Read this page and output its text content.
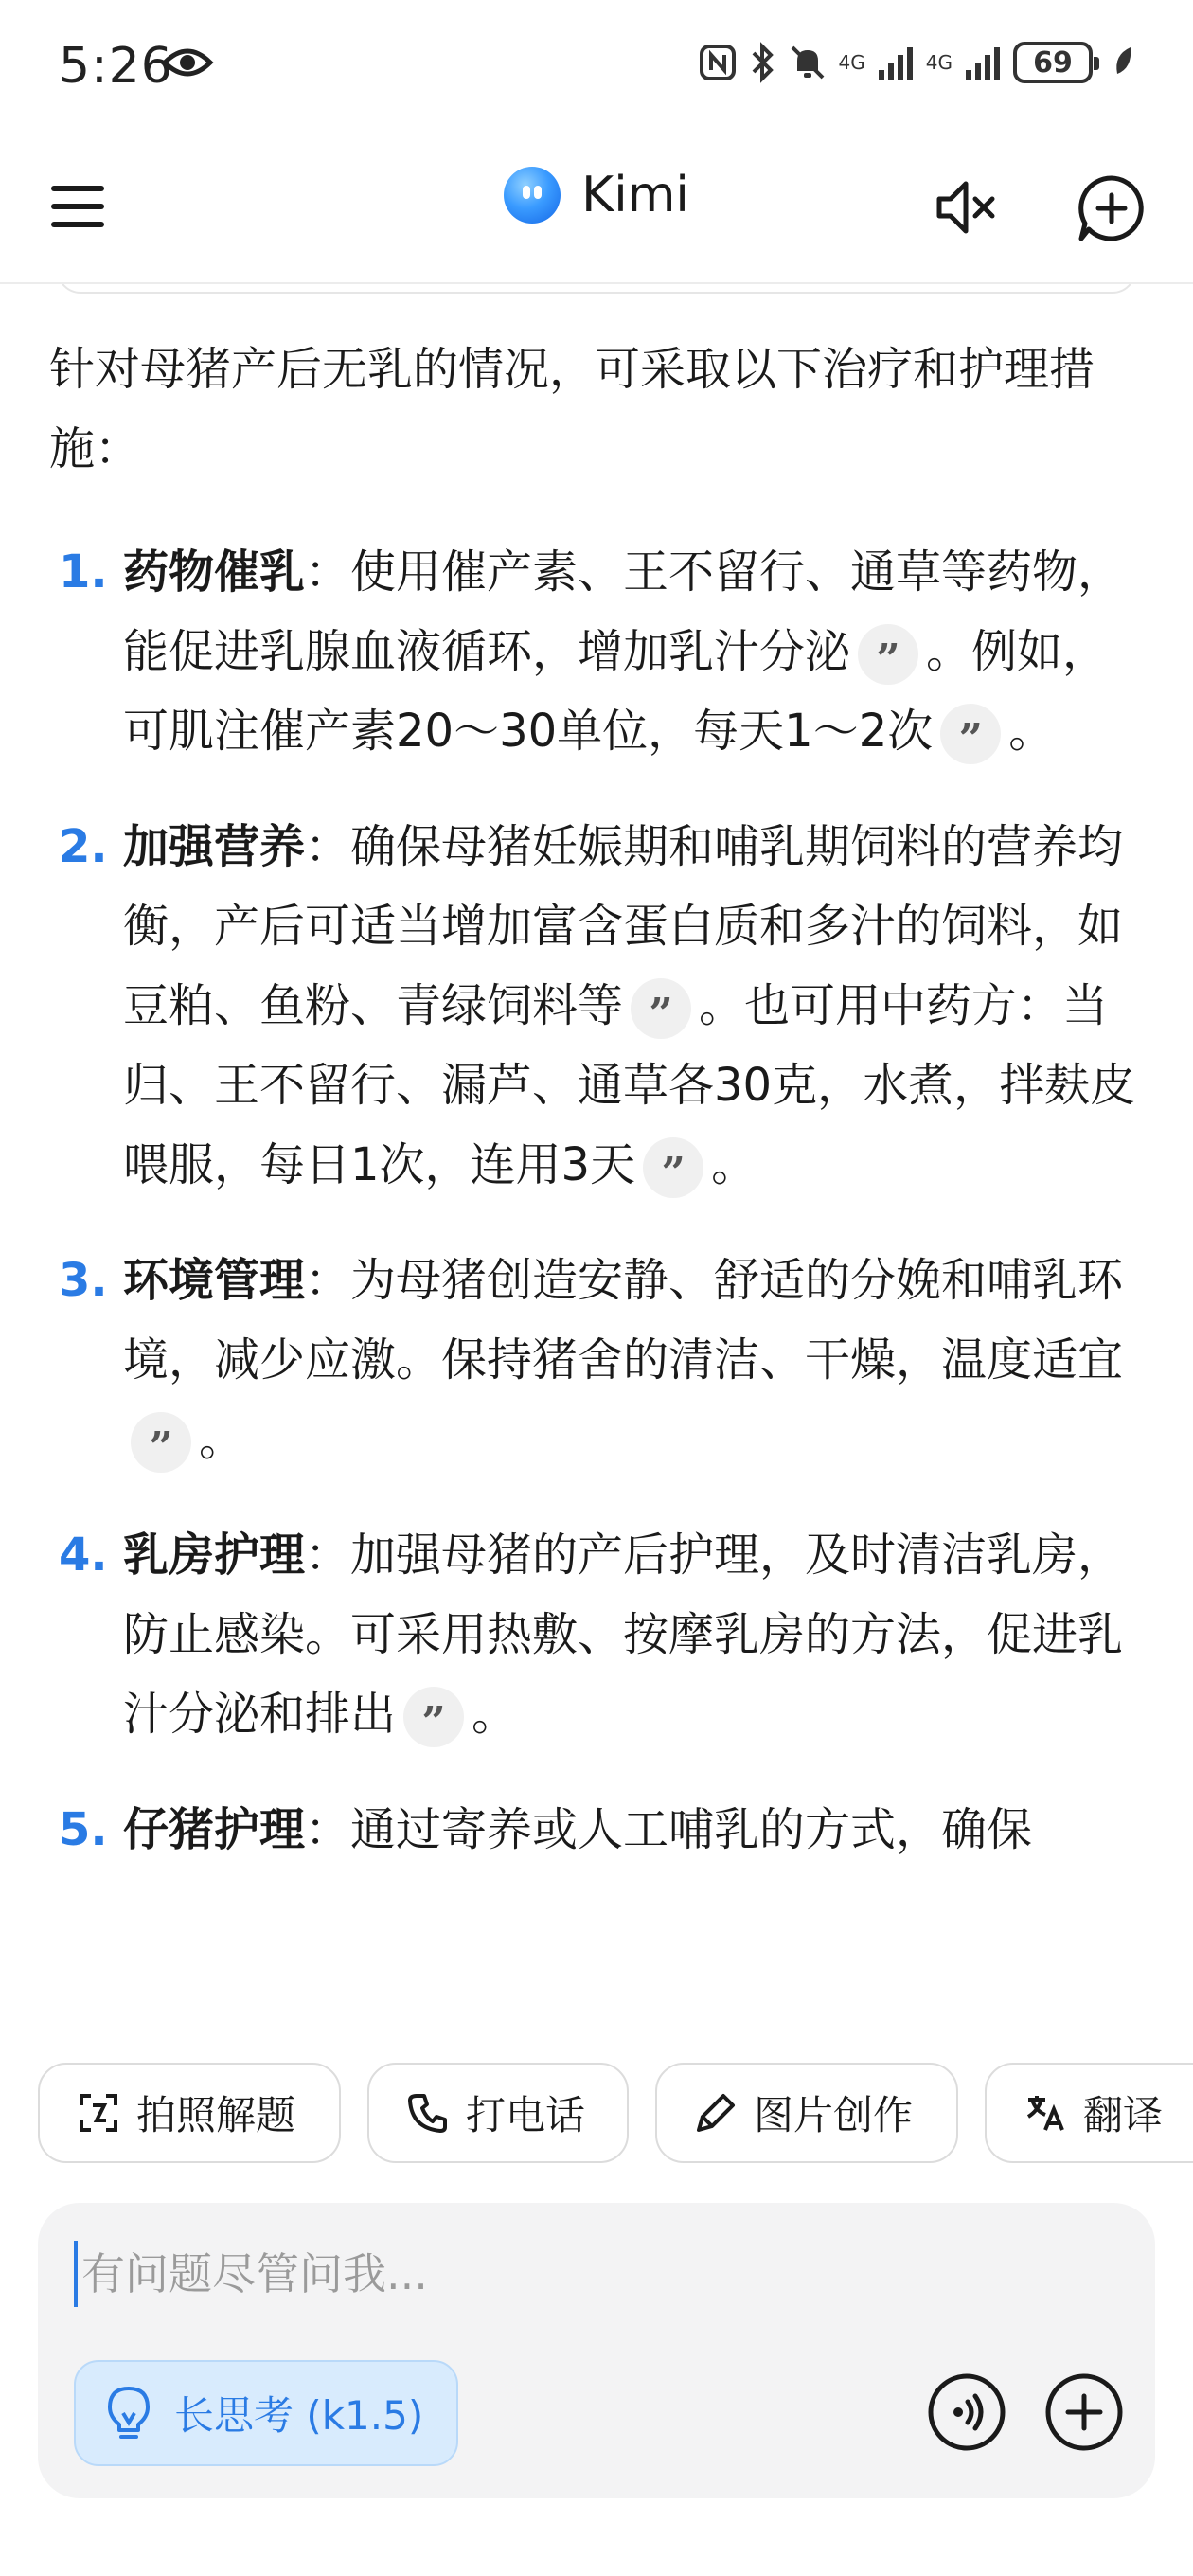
5:26	4G	4G	69
Kimi
针对母猪产后无乳的情况，可采取以下治疗和护理措施：
1. 药物催乳：使用催产素、王不留行、通草等药物，能促进乳腺血液循环，增加乳汁分泌 ” 。例如，可肌注催产素20～30单位，每天1～2次 ” 。
2. 加强营养：确保母猪妊娠期和哺乳期饲料的营养均衡，产后可适当增加富含蛋白质和多汁的饲料，如豆粕、鱼粉、青绿饲料等 ” 。也可用中药方：当归、王不留行、漏芦、通草各30克，水煮，拌麸皮喂服，每日1次，连用3天 ” 。
3. 环境管理：为母猪创造安静、舒适的分娩和哺乳环境，减少应激。保持猪舍的清洁、干燥，温度适宜” 。
4. 乳房护理：加强母猪的产后护理，及时清洁乳房，防止感染。可采用热敷、按摩乳房的方法，促进乳汁分泌和排出 ” 。
5. 仔猪护理：通过寄养或人工哺乳的方式，确保
拍照解题	打电话	图片创作	翻译
有问题尽管问我...
长思考 (k1.5)
